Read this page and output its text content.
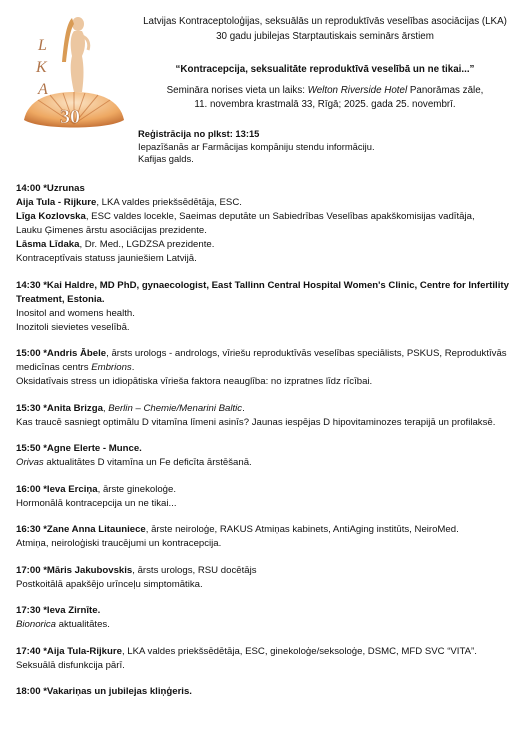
L
K
A
30
Latvijas Kontraceptoloģijas, seksuālās un reproduktīvās veselības asociācijas (LKA)
30 gadu jubilejas Starptautiskais seminārs ārstiem
“Kontracepcija, seksualitāte reproduktīvā veselībā un ne tikai...”
Semināra norises vieta un laiks: Welton Riverside Hotel Panorāmas zāle,
11. novembra krastmalā 33, Rīgā; 2025. gada 25. novembrī.
Reģistrācija no plkst: 13:15
Iepazīšanās ar Farmācijas kompāniju stendu informāciju.
Kafijas galds.
14:00 *Uzrunas
Aija Tula - Rijkure, LKA valdes priekšsēdētāja, ESC.
Līga Kozlovska, ESC valdes locekle, Saeimas deputāte un Sabiedrības Veselības apakškomisijas vadītāja,
Lauku Ģimenes ārstu asociācijas prezidente.
Lāsma Līdaka, Dr. Med., LGDZSA prezidente.
Kontraceptīvais statuss jauniešiem Latvijā.
14:30 *Kai Haldre, MD PhD, gynaecologist, East Tallinn Central Hospital Women's Clinic, Centre for Infertility Treatment, Estonia.
Inositol and womens health.
Inozitoli sievietes veselībā.
15:00 *Andris Ābele, ārsts urologs - andrologs, vīriešu reproduktīvās veselības speciālists, PSKUS, Reproduktīvās medicīnas centrs Embrions.
Oksidatīvais stress un idiopātiska vīrieša faktora neauglība: no izpratnes līdz rīcībai.
15:30 *Anita Brizga, Berlin – Chemie/Menarini Baltic.
Kas traucē sasniegt optimālu D vitamīna līmeni asinīs? Jaunas iespējas D hipovitaminozes terapijā un profilaksē.
15:50 *Agne Elerte - Munce.
Orivas aktualitātes D vitamīna un Fe deficīta ārstēšanā.
16:00 *Ieva Erciņa, ārste ginekoloģe.
Hormonālā kontracepcija un ne tikai...
16:30 *Zane Anna Litauniece, ārste neiroloģe, RAKUS Atmiņas kabinets, AntiAging institūts, NeiroMed.
Atmiņa, neiroloģiski traucējumi un kontracepcija.
17:00 *Māris Jakubovskis, ārsts urologs, RSU docētājs
Postkoitālā apakšējo urīnceļu simptomātika.
17:30 *Ieva Zirnīte.
Bionorica aktualitātes.
17:40 *Aija Tula-Rijkure, LKA valdes priekšsēdētāja, ESC, ginekoloģe/seksoloģe, DSMC, MFD SVC “VITA”.
Seksuālā disfunkcija pārī.
18:00 *Vakariņas un jubilejas kliņģeris.
